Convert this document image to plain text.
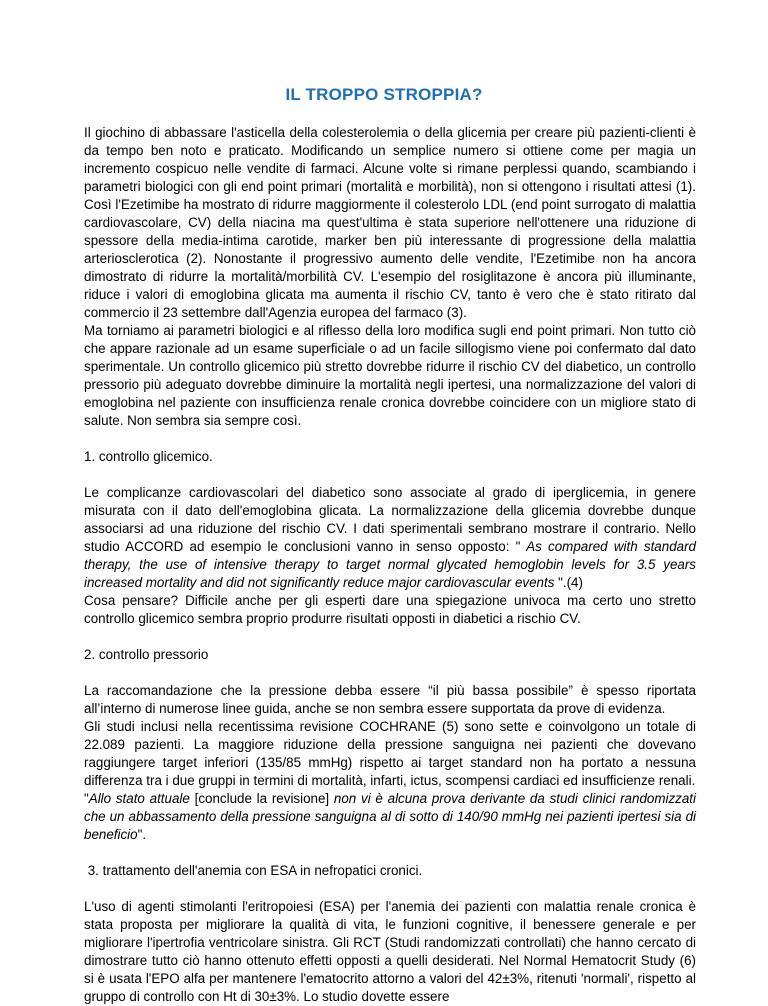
IL TROPPO STROPPIA?

Il giochino di abbassare l'asticella della colesterolemia o della glicemia per creare più pazienti-clienti è da tempo ben noto e praticato. Modificando un semplice numero si ottiene come per magia un incremento cospicuo nelle vendite di farmaci. Alcune volte si rimane perplessi quando, scambiando i parametri biologici con gli end point primari (mortalità e morbilità), non si ottengono i risultati attesi (1). Così l'Ezetimibe ha mostrato di ridurre maggiormente il colesterolo LDL (end point surrogato di malattia cardiovascolare, CV) della niacina ma quest'ultima è stata superiore nell'ottenere una riduzione di spessore della media-intima carotide, marker ben più interessante di progressione della malattia arteriosclerotica (2). Nonostante il progressivo aumento delle vendite, l'Ezetimibe non ha ancora dimostrato di ridurre la mortalità/morbilità CV. L'esempio del rosiglitazone è ancora più illuminante, riduce i valori di emoglobina glicata ma aumenta il rischio CV, tanto è vero che è stato ritirato dal commercio il 23 settembre dall'Agenzia europea del farmaco (3).

Ma torniamo ai parametri biologici e al riflesso della loro modifica sugli end point primari. Non tutto ciò che appare razionale ad un esame superficiale o ad un facile sillogismo viene poi confermato dal dato sperimentale. Un controllo glicemico più stretto dovrebbe ridurre il rischio CV del diabetico, un controllo pressorio più adeguato dovrebbe diminuire la mortalità negli ipertesi, una normalizzazione del valori di emoglobina nel paziente con insufficienza renale cronica dovrebbe coincidere con un migliore stato di salute. Non sembra sia sempre così.

1. controllo glicemico.

Le complicanze cardiovascolari del diabetico sono associate al grado di iperglicemia, in genere misurata con il dato dell'emoglobina glicata. La normalizzazione della glicemia dovrebbe dunque associarsi ad una riduzione del rischio CV. I dati sperimentali sembrano mostrare il contrario. Nello studio ACCORD ad esempio le conclusioni vanno in senso opposto: " As compared with standard therapy, the use of intensive therapy to target normal glycated hemoglobin levels for 3.5 years increased mortality and did not significantly reduce major cardiovascular events ".(4)

Cosa pensare? Difficile anche per gli esperti dare una spiegazione univoca ma certo uno stretto controllo glicemico sembra proprio produrre risultati opposti in diabetici a rischio CV.

2. controllo pressorio

La raccomandazione che la pressione debba essere “il più bassa possibile” è spesso riportata all’interno di numerose linee guida, anche se non sembra essere supportata da prove di evidenza.

Gli studi inclusi nella recentissima revisione COCHRANE (5) sono sette e coinvolgono un totale di 22.089 pazienti. La maggiore riduzione della pressione sanguigna nei pazienti che dovevano raggiungere target inferiori (135/85 mmHg) rispetto ai target standard non ha portato a nessuna differenza tra i due gruppi in termini di mortalità, infarti, ictus, scompensi cardiaci ed insufficienze renali.

"Allo stato attuale [conclude la revisione] non vi è alcuna prova derivante da studi clinici randomizzati che un abbassamento della pressione sanguigna al di sotto di 140/90 mmHg nei pazienti ipertesi sia di beneficio".

3. trattamento dell'anemia con ESA in nefropatici cronici.

L'uso di agenti stimolanti l'eritropoiesi (ESA) per l'anemia dei pazienti con malattia renale cronica è stata proposta per migliorare la qualità di vita, le funzioni cognitive, il benessere generale e per migliorare l'ipertrofia ventricolare sinistra. Gli RCT (Studi randomizzati controllati) che hanno cercato di dimostrare tutto ciò hanno ottenuto effetti opposti a quelli desiderati. Nel Normal Hematocrit Study (6) si è usata l'EPO alfa per mantenere l'ematocrito attorno a valori del 42±3%, ritenuti 'normali', rispetto al gruppo di controllo con Ht di 30±3%. Lo studio dovette essere
